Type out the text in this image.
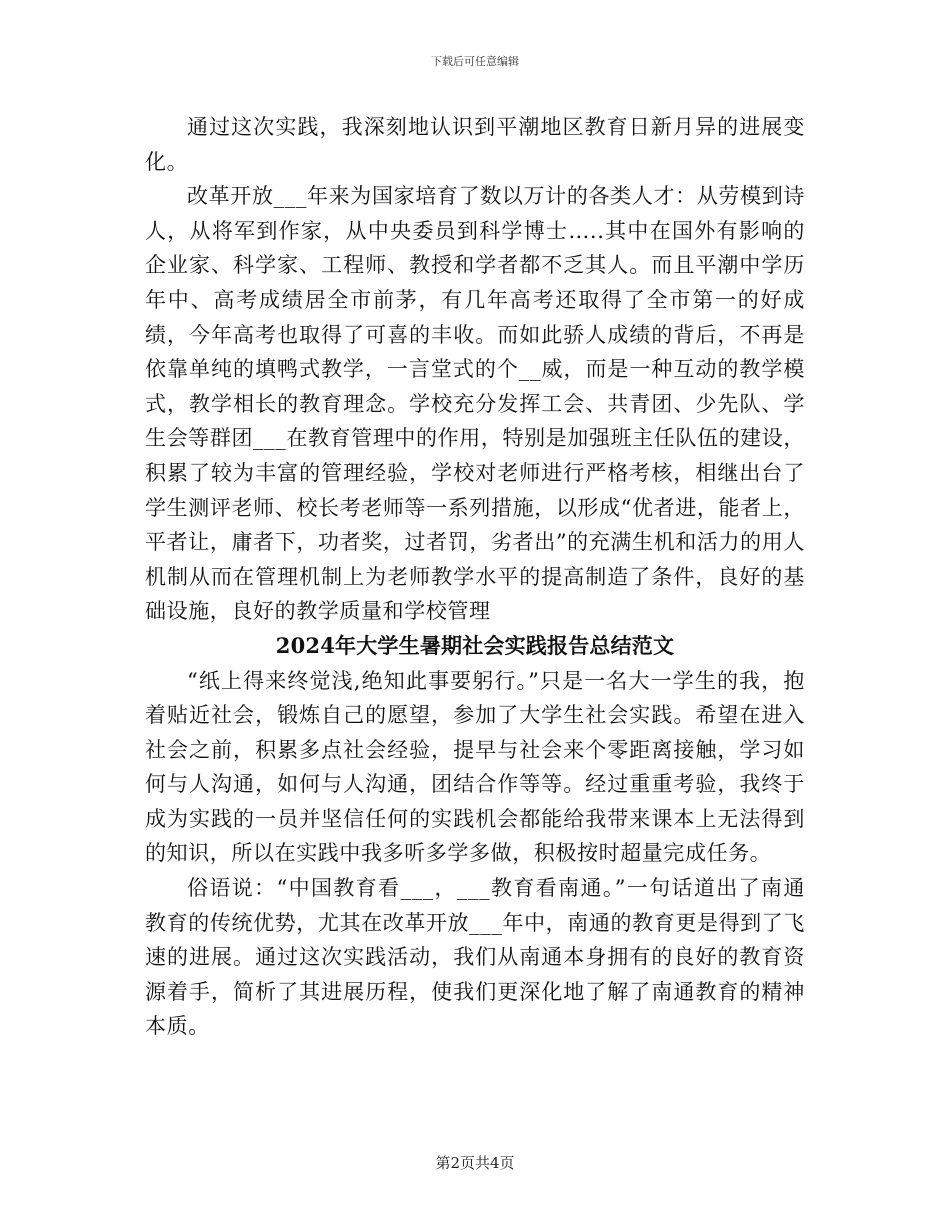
下载后可任意编辑

通过这次实践，我深刻地认识到平潮地区教育日新月异的进展变化。

改革开放___年来为国家培育了数以万计的各类人才：从劳模到诗人，从将军到作家，从中央委员到科学博士…..其中在国外有影响的企业家、科学家、工程师、教授和学者都不乏其人。而且平潮中学历年中、高考成绩居全市前茅，有几年高考还取得了全市第一的好成绩，今年高考也取得了可喜的丰收。而如此骄人成绩的背后，不再是依靠单纯的填鸭式教学，一言堂式的个__威，而是一种互动的教学模式，教学相长的教育理念。学校充分发挥工会、共青团、少先队、学生会等群团___在教育管理中的作用，特别是加强班主任队伍的建设，积累了较为丰富的管理经验，学校对老师进行严格考核，相继出台了学生测评老师、校长考老师等一系列措施，以形成“优者进，能者上，平者让，庸者下，功者奖，过者罚，劣者出”的充满生机和活力的用人机制从而在管理机制上为老师教学水平的提高制造了条件，良好的基础设施，良好的教学质量和学校管理

2024年大学生暑期社会实践报告总结范文

“纸上得来终觉浅,绝知此事要躬行。”只是一名大一学生的我，抱着贴近社会，锻炼自己的愿望，参加了大学生社会实践。希望在进入社会之前，积累多点社会经验，提早与社会来个零距离接触，学习如何与人沟通，如何与人沟通，团结合作等等。经过重重考验，我终于成为实践的一员并坚信任何的实践机会都能给我带来课本上无法得到的知识，所以在实践中我多听多学多做，积极按时超量完成任务。

俗语说：“中国教育看___，___教育看南通。”一句话道出了南通教育的传统优势，尤其在改革开放___年中，南通的教育更是得到了飞速的进展。通过这次实践活动，我们从南通本身拥有的良好的教育资源着手，简析了其进展历程，使我们更深化地了解了南通教育的精神本质。

第2页共4页
